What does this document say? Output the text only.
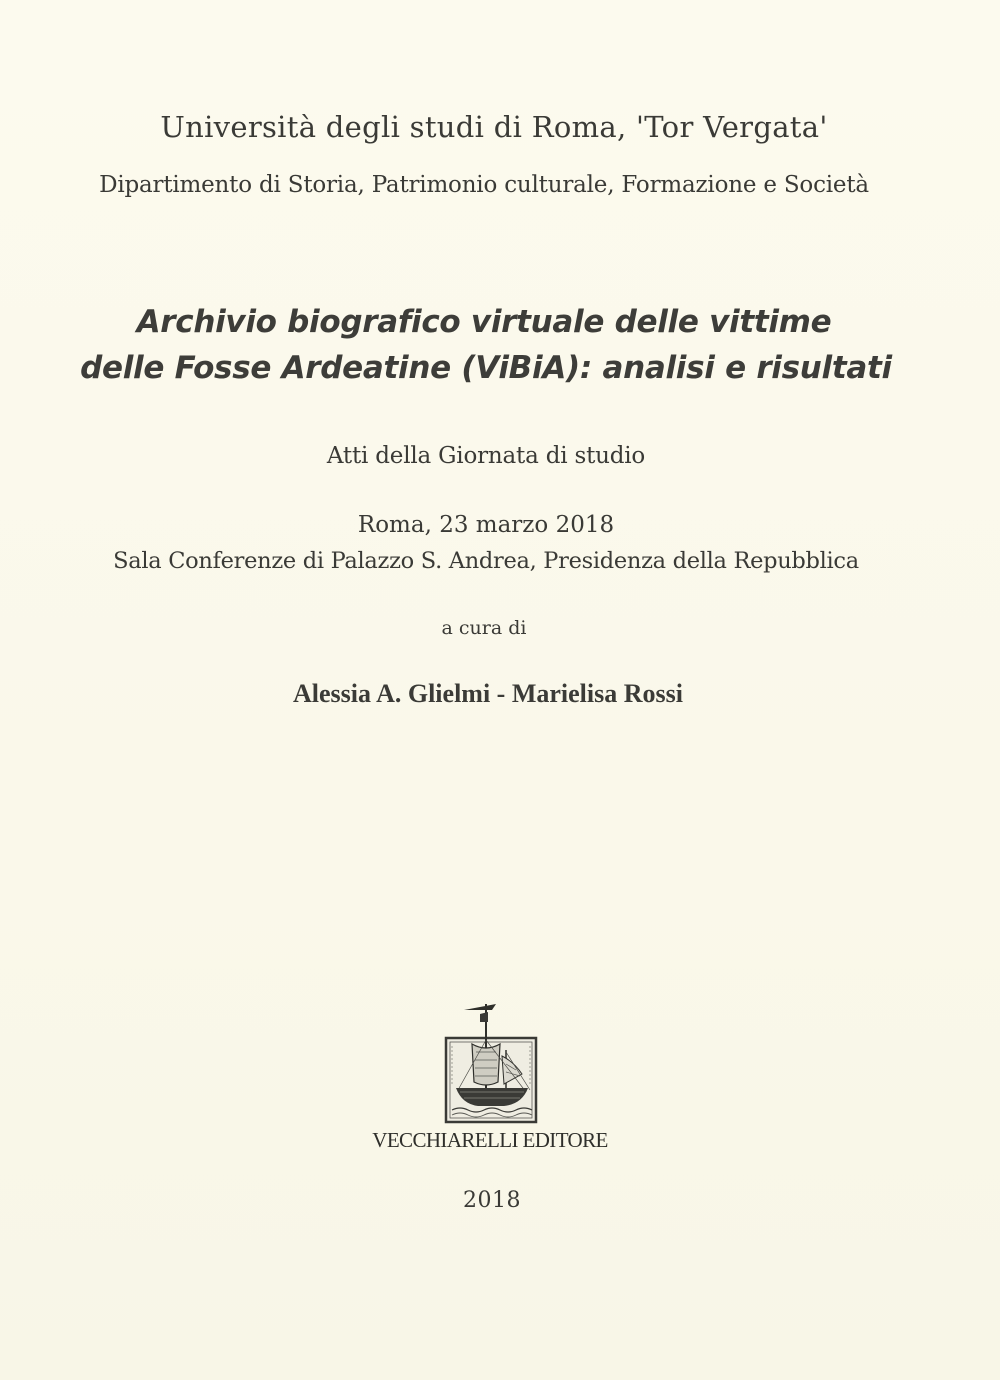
Università degli studi di Roma, 'Tor Vergata'
Dipartimento di Storia, Patrimonio culturale, Formazione e Società
Archivio biografico virtuale delle vittime
delle Fosse Ardeatine (ViBiA): analisi e risultati
Atti della Giornata di studio
Roma, 23 marzo 2018
Sala Conferenze di Palazzo S. Andrea, Presidenza della Repubblica
a cura di
Alessia A. Glielmi - Marielisa Rossi
VECCHIARELLI EDITORE
2018
